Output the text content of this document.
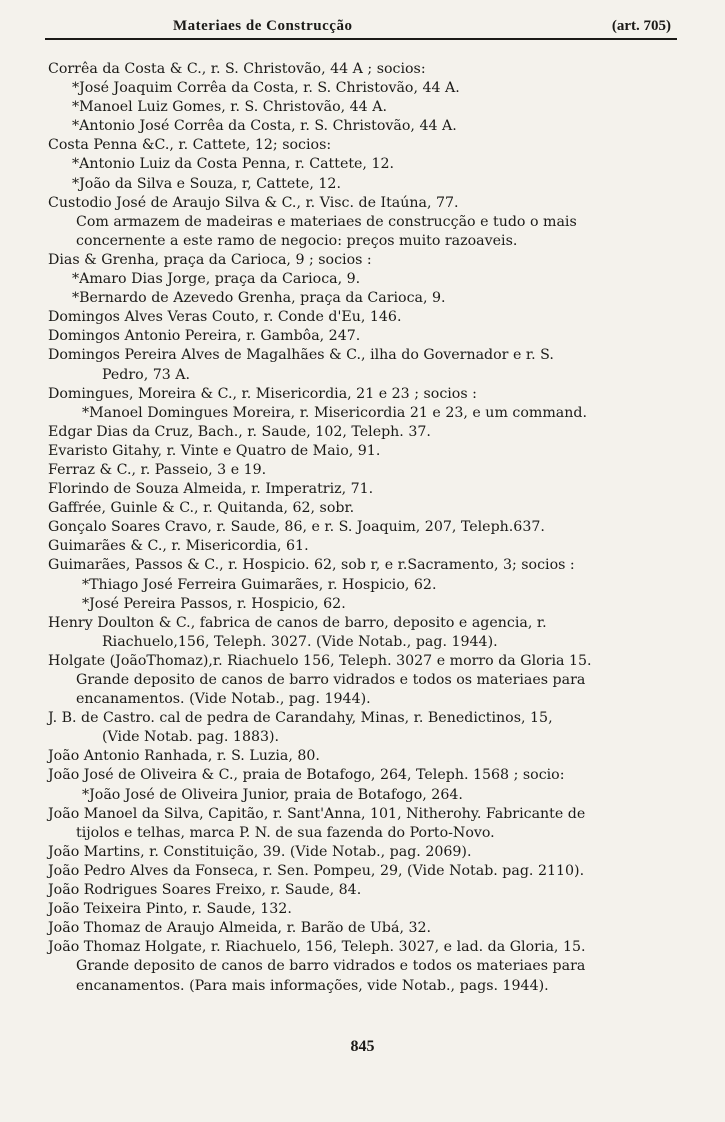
Materiaes de Construcção	(art. 705)
Corrêa da Costa & C., r. S. Christovão, 44 A ; socios:
*José Joaquim Corrêa da Costa, r. S. Christovão, 44 A.
*Manoel Luiz Gomes, r. S. Christovão, 44 A.
*Antonio José Corrêa da Costa, r. S. Christovão, 44 A.
Costa Penna &C., r. Cattete, 12; socios:
*Antonio Luiz da Costa Penna, r. Cattete, 12.
*João da Silva e Souza, r, Cattete, 12.
Custodio José de Araujo Silva & C., r. Visc. de Itaúna, 77.
Com armazem de madeiras e materiaes de construcção e tudo o mais
concernente a este ramo de negocio: preços muito razoaveis.
Dias & Grenha, praça da Carioca, 9 ; socios :
*Amaro Dias Jorge, praça da Carioca, 9.
*Bernardo de Azevedo Grenha, praça da Carioca, 9.
Domingos Alves Veras Couto, r. Conde d'Eu, 146.
Domingos Antonio Pereira, r. Gambôa, 247.
Domingos Pereira Alves de Magalhães & C., ilha do Governador e r. S.
Pedro, 73 A.
Domingues, Moreira & C., r. Misericordia, 21 e 23 ; socios :
*Manoel Domingues Moreira, r. Misericordia 21 e 23, e um command.
Edgar Dias da Cruz, Bach., r. Saude, 102, Teleph. 37.
Evaristo Gitahy, r. Vinte e Quatro de Maio, 91.
Ferraz & C., r. Passeio, 3 e 19.
Florindo de Souza Almeida, r. Imperatriz, 71.
Gaffrée, Guinle & C., r. Quitanda, 62, sobr.
Gonçalo Soares Cravo, r. Saude, 86, e r. S. Joaquim, 207, Teleph.637.
Guimarães & C., r. Misericordia, 61.
Guimarães, Passos & C., r. Hospicio. 62, sob r, e r.Sacramento, 3; socios :
*Thiago José Ferreira Guimarães, r. Hospicio, 62.
*José Pereira Passos, r. Hospicio, 62.
Henry Doulton & C., fabrica de canos de barro, deposito e agencia, r.
Riachuelo,156, Teleph. 3027. (Vide Notab., pag. 1944).
Holgate (JoãoThomaz),r. Riachuelo 156, Teleph. 3027 e morro da Gloria 15.
Grande deposito de canos de barro vidrados e todos os materiaes para
encanamentos. (Vide Notab., pag. 1944).
J. B. de Castro. cal de pedra de Carandahy, Minas, r. Benedictinos, 15,
(Vide Notab. pag. 1883).
João Antonio Ranhada, r. S. Luzia, 80.
João José de Oliveira & C., praia de Botafogo, 264, Teleph. 1568 ; socio:
*João José de Oliveira Junior, praia de Botafogo, 264.
João Manoel da Silva, Capitão, r. Sant'Anna, 101, Nitherohy. Fabricante de
tijolos e telhas, marca P. N. de sua fazenda do Porto-Novo.
João Martins, r. Constituição, 39. (Vide Notab., pag. 2069).
João Pedro Alves da Fonseca, r. Sen. Pompeu, 29, (Vide Notab. pag. 2110).
João Rodrigues Soares Freixo, r. Saude, 84.
João Teixeira Pinto, r. Saude, 132.
João Thomaz de Araujo Almeida, r. Barão de Ubá, 32.
João Thomaz Holgate, r. Riachuelo, 156, Teleph. 3027, e lad. da Gloria, 15.
Grande deposito de canos de barro vidrados e todos os materiaes para
encanamentos. (Para mais informações, vide Notab., pags. 1944).
845
